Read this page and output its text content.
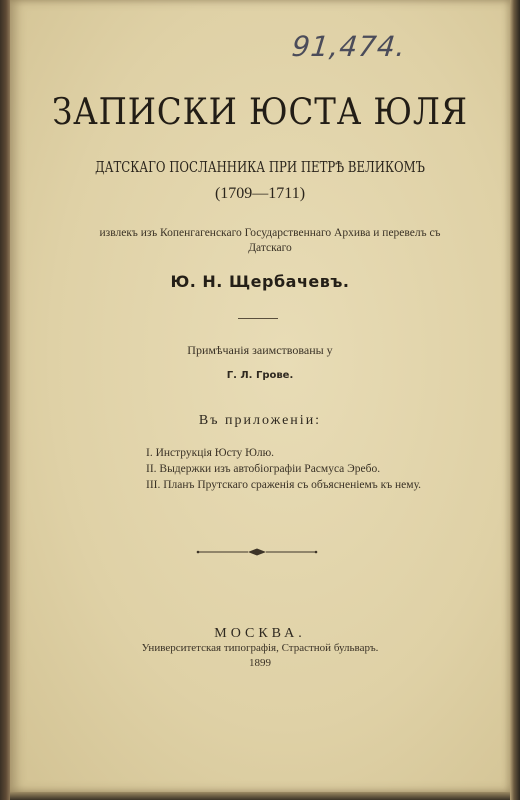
91,474.
ЗАПИСКИ ЮСТА ЮЛЯ
ДАТСКАГО ПОСЛАННИКА ПРИ ПЕТРѢ ВЕЛИКОМЪ
(1709—1711)
извлекъ изъ Копенгагенскаго Государственнаго Архива и перевелъ съ
Датскаго
Ю. Н. Щербачевъ.
Примѣчанія заимствованы у
Г. Л. Гровe.
Въ приложеніи:
I. Инструкція Юсту Юлю.
II. Выдержки изъ автобіографіи Расмуса Эребо.
III. Планъ Прутскаго сраженія съ объясненіемъ къ нему.
МОСКВА.
Университетская типографія, Страстной бульваръ.
1899
